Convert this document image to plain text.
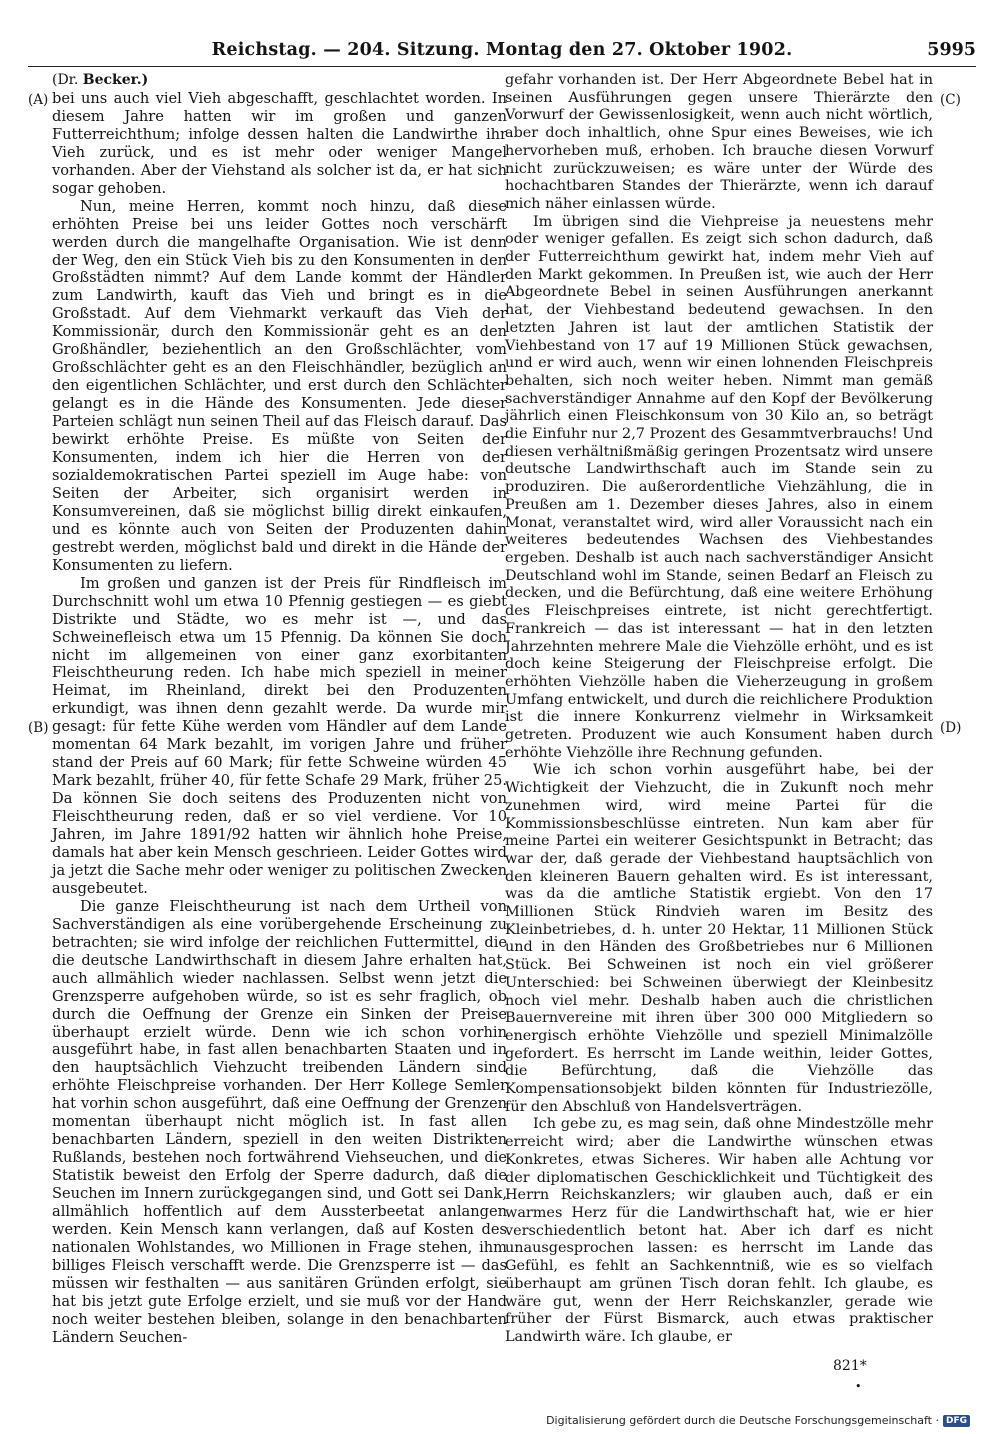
Reichstag. — 204. Sitzung. Montag den 27. Oktober 1902.	5995
(A)
(B)
(C)
(D)

(Dr. Becker.)

bei uns auch viel Vieh abgeschafft, geschlachtet worden. In diesem Jahre hatten wir im großen und ganzen Futterreichthum; infolge dessen halten die Landwirthe ihr Vieh zurück, und es ist mehr oder weniger Mangel vorhanden. Aber der Viehstand als solcher ist da, er hat sich sogar gehoben.

Nun, meine Herren, kommt noch hinzu, daß diese erhöhten Preise bei uns leider Gottes noch verschärft werden durch die mangelhafte Organisation. Wie ist denn der Weg, den ein Stück Vieh bis zu den Konsumenten in den Großstädten nimmt? Auf dem Lande kommt der Händler zum Landwirth, kauft das Vieh und bringt es in die Großstadt. Auf dem Viehmarkt verkauft das Vieh der Kommissionär, durch den Kommissionär geht es an den Großhändler, beziehentlich an den Großschlächter, vom Großschlächter geht es an den Fleischhändler, bezüglich an den eigentlichen Schlächter, und erst durch den Schlächter gelangt es in die Hände des Konsumenten. Jede dieser Parteien schlägt nun seinen Theil auf das Fleisch darauf. Das bewirkt erhöhte Preise. Es müßte von Seiten der Konsumenten, indem ich hier die Herren von der sozialdemokratischen Partei speziell im Auge habe: von Seiten der Arbeiter, sich organisirt werden in Konsumvereinen, daß sie möglichst billig direkt einkaufen, und es könnte auch von Seiten der Produzenten dahin gestrebt werden, möglichst bald und direkt in die Hände der Konsumenten zu liefern.

Im großen und ganzen ist der Preis für Rindfleisch im Durchschnitt wohl um etwa 10 Pfennig gestiegen — es giebt Distrikte und Städte, wo es mehr ist —, und das Schweinefleisch etwa um 15 Pfennig. Da können Sie doch nicht im allgemeinen von einer ganz exorbitanten Fleischtheurung reden. Ich habe mich speziell in meiner Heimat, im Rheinland, direkt bei den Produzenten erkundigt, was ihnen denn gezahlt werde. Da wurde mir gesagt: für fette Kühe werden vom Händler auf dem Lande momentan 64 Mark bezahlt, im vorigen Jahre und früher stand der Preis auf 60 Mark; für fette Schweine würden 45 Mark bezahlt, früher 40, für fette Schafe 29 Mark, früher 25. Da können Sie doch seitens des Produzenten nicht von Fleischtheurung reden, daß er so viel verdiene. Vor 10 Jahren, im Jahre 1891/92 hatten wir ähnlich hohe Preise, damals hat aber kein Mensch geschrieen. Leider Gottes wird ja jetzt die Sache mehr oder weniger zu politischen Zwecken ausgebeutet.

Die ganze Fleischtheurung ist nach dem Urtheil von Sachverständigen als eine vorübergehende Erscheinung zu betrachten; sie wird infolge der reichlichen Futtermittel, die die deutsche Landwirthschaft in diesem Jahre erhalten hat, auch allmählich wieder nachlassen. Selbst wenn jetzt die Grenzsperre aufgehoben würde, so ist es sehr fraglich, ob durch die Oeffnung der Grenze ein Sinken der Preise überhaupt erzielt würde. Denn wie ich schon vorhin ausgeführt habe, in fast allen benachbarten Staaten und in den hauptsächlich Viehzucht treibenden Ländern sind erhöhte Fleischpreise vorhanden. Der Herr Kollege Semler hat vorhin schon ausgeführt, daß eine Oeffnung der Grenzen momentan überhaupt nicht möglich ist. In fast allen benachbarten Ländern, speziell in den weiten Distrikten Rußlands, bestehen noch fortwährend Viehseuchen, und die Statistik beweist den Erfolg der Sperre dadurch, daß die Seuchen im Innern zurückgegangen sind, und Gott sei Dank, allmählich hoffentlich auf dem Aussterbeetat anlangen werden. Kein Mensch kann verlangen, daß auf Kosten des nationalen Wohlstandes, wo Millionen in Frage stehen, ihm billiges Fleisch verschafft werde. Die Grenzsperre ist — das müssen wir festhalten — aus sanitären Gründen erfolgt, sie hat bis jetzt gute Erfolge erzielt, und sie muß vor der Hand noch weiter bestehen bleiben, solange in den benachbarten Ländern Seuchen-

gefahr vorhanden ist. Der Herr Abgeordnete Bebel hat in seinen Ausführungen gegen unsere Thierärzte den Vorwurf der Gewissenlosigkeit, wenn auch nicht wörtlich, aber doch inhaltlich, ohne Spur eines Beweises, wie ich hervorheben muß, erhoben. Ich brauche diesen Vorwurf nicht zurückzuweisen; es wäre unter der Würde des hochachtbaren Standes der Thierärzte, wenn ich darauf mich näher einlassen würde.

Im übrigen sind die Viehpreise ja neuestens mehr oder weniger gefallen. Es zeigt sich schon dadurch, daß der Futterreichthum gewirkt hat, indem mehr Vieh auf den Markt gekommen. In Preußen ist, wie auch der Herr Abgeordnete Bebel in seinen Ausführungen anerkannt hat, der Viehbestand bedeutend gewachsen. In den letzten Jahren ist laut der amtlichen Statistik der Viehbestand von 17 auf 19 Millionen Stück gewachsen, und er wird auch, wenn wir einen lohnenden Fleischpreis behalten, sich noch weiter heben. Nimmt man gemäß sachverständiger Annahme auf den Kopf der Bevölkerung jährlich einen Fleischkonsum von 30 Kilo an, so beträgt die Einfuhr nur 2,7 Prozent des Gesammtverbrauchs! Und diesen verhältnißmäßig geringen Prozentsatz wird unsere deutsche Landwirthschaft auch im Stande sein zu produziren. Die außerordentliche Viehzählung, die in Preußen am 1. Dezember dieses Jahres, also in einem Monat, veranstaltet wird, wird aller Voraussicht nach ein weiteres bedeutendes Wachsen des Viehbestandes ergeben. Deshalb ist auch nach sachverständiger Ansicht Deutschland wohl im Stande, seinen Bedarf an Fleisch zu decken, und die Befürchtung, daß eine weitere Erhöhung des Fleischpreises eintrete, ist nicht gerechtfertigt. Frankreich — das ist interessant — hat in den letzten Jahrzehnten mehrere Male die Viehzölle erhöht, und es ist doch keine Steigerung der Fleischpreise erfolgt. Die erhöhten Viehzölle haben die Vieherzeugung in großem Umfang entwickelt, und durch die reichlichere Produktion ist die innere Konkurrenz vielmehr in Wirksamkeit getreten. Produzent wie auch Konsument haben durch erhöhte Viehzölle ihre Rechnung gefunden.

Wie ich schon vorhin ausgeführt habe, bei der Wichtigkeit der Viehzucht, die in Zukunft noch mehr zunehmen wird, wird meine Partei für die Kommissionsbeschlüsse eintreten. Nun kam aber für meine Partei ein weiterer Gesichtspunkt in Betracht; das war der, daß gerade der Viehbestand hauptsächlich von den kleineren Bauern gehalten wird. Es ist interessant, was da die amtliche Statistik ergiebt. Von den 17 Millionen Stück Rindvieh waren im Besitz des Kleinbetriebes, d. h. unter 20 Hektar, 11 Millionen Stück und in den Händen des Großbetriebes nur 6 Millionen Stück. Bei Schweinen ist noch ein viel größerer Unterschied: bei Schweinen überwiegt der Kleinbesitz noch viel mehr. Deshalb haben auch die christlichen Bauernvereine mit ihren über 300 000 Mitgliedern so energisch erhöhte Viehzölle und speziell Minimalzölle gefordert. Es herrscht im Lande weithin, leider Gottes, die Befürchtung, daß die Viehzölle das Kompensationsobjekt bilden könnten für Industriezölle, für den Abschluß von Handelsverträgen.

Ich gebe zu, es mag sein, daß ohne Mindestzölle mehr erreicht wird; aber die Landwirthe wünschen etwas Konkretes, etwas Sicheres. Wir haben alle Achtung vor der diplomatischen Geschicklichkeit und Tüchtigkeit des Herrn Reichskanzlers; wir glauben auch, daß er ein warmes Herz für die Landwirthschaft hat, wie er hier verschiedentlich betont hat. Aber ich darf es nicht unausgesprochen lassen: es herrscht im Lande das Gefühl, es fehlt an Sachkenntniß, wie es so vielfach überhaupt am grünen Tisch doran fehlt. Ich glaube, es wäre gut, wenn der Herr Reichskanzler, gerade wie früher der Fürst Bismarck, auch etwas praktischer Landwirth wäre. Ich glaube, er

821*
•
Digitalisierung gefördert durch die Deutsche Forschungsgemeinschaft · DFG
